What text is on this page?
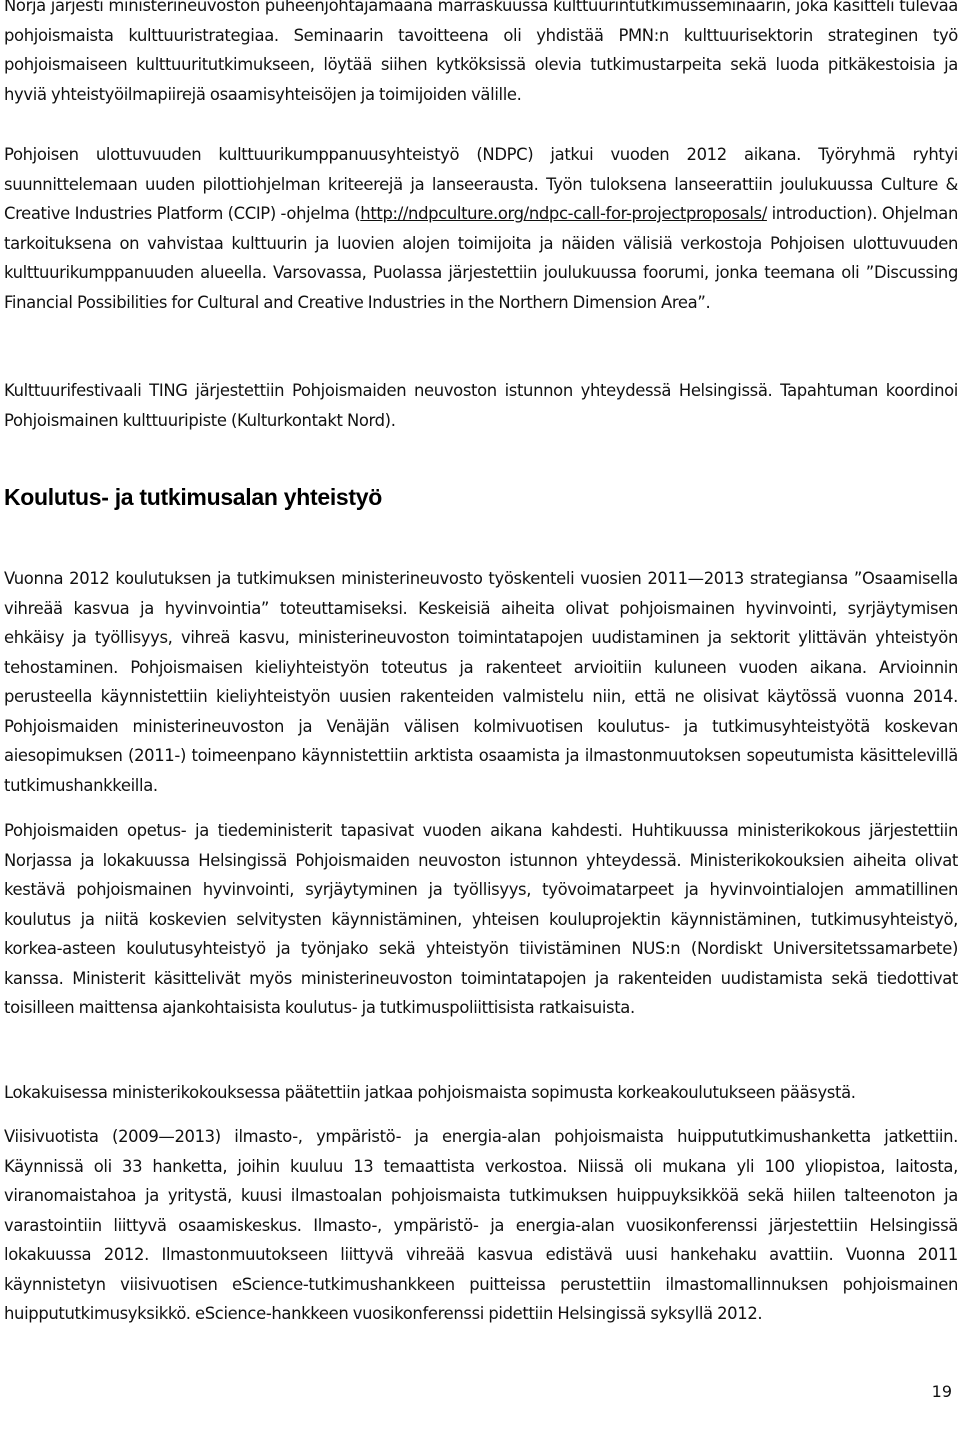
Norja järjesti ministerineuvoston puheenjohtajamaana marraskuussa kulttuurintutkimusseminaarin, joka käsitteli tulevaa pohjoismaista kulttuuristrategiaa. Seminaarin tavoitteena oli yhdistää PMN:n kulttuurisektorin strateginen työ pohjoismaiseen kulttuuritutkimukseen, löytää siihen kytköksissä olevia tutkimustarpeita sekä luoda pitkäkestoisia ja hyviä yhteistyöilmapiirejä osaamisyhteisöjen ja toimijoiden välille.

Pohjoisen ulottuvuuden kulttuurikumppanuusyhteistyö (NDPC) jatkui vuoden 2012 aikana. Työryhmä ryhtyi suunnittelemaan uuden pilottiohjelman kriteerejä ja lanseerausta. Työn tuloksena lanseerattiin joulukuussa Culture & Creative Industries Platform (CCIP) -ohjelma (http://ndpculture.org/ndpc-call-for-projectproposals/ introduction). Ohjelman tarkoituksena on vahvistaa kulttuurin ja luovien alojen toimijoita ja näiden välisiä verkostoja Pohjoisen ulottuvuuden kulttuurikumppanuuden alueella. Varsovassa, Puolassa järjestettiin joulukuussa foorumi, jonka teemana oli ”Discussing Financial Possibilities for Cultural and Creative Industries in the Northern Dimension Area”.

Kulttuurifestivaali TING järjestettiin Pohjoismaiden neuvoston istunnon yhteydessä Helsingissä. Tapahtuman koordinoi Pohjoismainen kulttuuripiste (Kulturkontakt Nord).

Koulutus- ja tutkimusalan yhteistyö

Vuonna 2012 koulutuksen ja tutkimuksen ministerineuvosto työskenteli vuosien 2011—2013 strategiansa ”Osaamisella vihreää kasvua ja hyvinvointia” toteuttamiseksi. Keskeisiä aiheita olivat pohjoismainen hyvinvointi, syrjäytymisen ehkäisy ja työllisyys, vihreä kasvu, ministerineuvoston toimintatapojen uudistaminen ja sektorit ylittävän yhteistyön tehostaminen. Pohjoismaisen kieliyhteistyön toteutus ja rakenteet arvioitiin kuluneen vuoden aikana. Arvioinnin perusteella käynnistettiin kieliyhteistyön uusien rakenteiden valmistelu niin, että ne olisivat käytössä vuonna 2014. Pohjoismaiden ministerineuvoston ja Venäjän välisen kolmivuotisen koulutus- ja tutkimusyhteistyötä koskevan aiesopimuksen (2011-) toimeenpano käynnistettiin arktista osaamista ja ilmastonmuutoksen sopeutumista käsittelevillä tutkimushankkeilla.

Pohjoismaiden opetus- ja tiedeministerit tapasivat vuoden aikana kahdesti. Huhtikuussa ministerikokous järjestettiin Norjassa ja lokakuussa Helsingissä Pohjoismaiden neuvoston istunnon yhteydessä. Ministerikokouksien aiheita olivat kestävä pohjoismainen hyvinvointi, syrjäytyminen ja työllisyys, työvoimatarpeet ja hyvinvointialojen ammatillinen koulutus ja niitä koskevien selvitysten käynnistäminen, yhteisen kouluprojektin käynnistäminen, tutkimusyhteistyö, korkea-asteen koulutusyhteistyö ja työnjako sekä yhteistyön tiivistäminen NUS:n (Nordiskt Universitetssamarbete) kanssa. Ministerit käsittelivät myös ministerineuvoston toimintatapojen ja rakenteiden uudistamista sekä tiedottivat toisilleen maittensa ajankohtaisista koulutus- ja tutkimuspoliittisista ratkaisuista.

Lokakuisessa ministerikokouksessa päätettiin jatkaa pohjoismaista sopimusta korkeakoulutukseen pääsystä.

Viisivuotista (2009—2013) ilmasto-, ympäristö- ja energia-alan pohjoismaista huippututkimushanketta jatkettiin. Käynnissä oli 33 hanketta, joihin kuuluu 13 temaattista verkostoa. Niissä oli mukana yli 100 yliopistoa, laitosta, viranomaistahoa ja yritystä, kuusi ilmastoalan pohjoismaista tutkimuksen huippuyksikköä sekä hiilen talteenoton ja varastointiin liittyvä osaamiskeskus. Ilmasto-, ympäristö- ja energia-alan vuosikonferenssi järjestettiin Helsingissä lokakuussa 2012. Ilmastonmuutokseen liittyvä vihreää kasvua edistävä uusi hankehaku avattiin. Vuonna 2011 käynnistetyn viisivuotisen eScience-tutkimushankkeen puitteissa perustettiin ilmastomallinnuksen pohjoismainen huippututkimusyksikkö. eScience-hankkeen vuosikonferenssi pidettiin Helsingissä syksyllä 2012.

19
